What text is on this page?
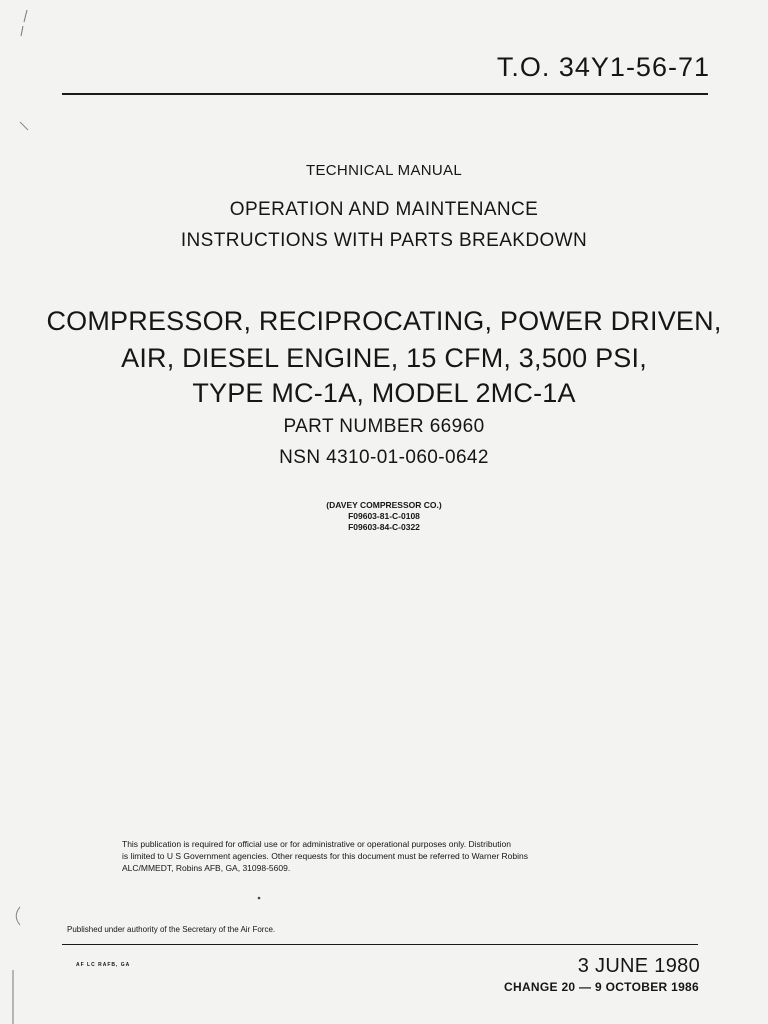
T.O. 34Y1-56-71
TECHNICAL MANUAL
OPERATION AND MAINTENANCE
INSTRUCTIONS WITH PARTS BREAKDOWN
COMPRESSOR, RECIPROCATING, POWER DRIVEN,
AIR, DIESEL ENGINE, 15 CFM, 3,500 PSI,
TYPE MC-1A, MODEL 2MC-1A
PART NUMBER 66960
NSN 4310-01-060-0642
(DAVEY COMPRESSOR CO.)
F09603-81-C-0108
F09603-84-C-0322
This publication is required for official use or for administrative or operational purposes only. Distribution
is limited to U S Government agencies. Other requests for this document must be referred to Warner Robins
ALC/MMEDT, Robins AFB, GA, 31098-5609.
Published under authority of the Secretary of the Air Force.
AF LC RAFB, GA	3 JUNE 1980
CHANGE 20 — 9 OCTOBER 1986
